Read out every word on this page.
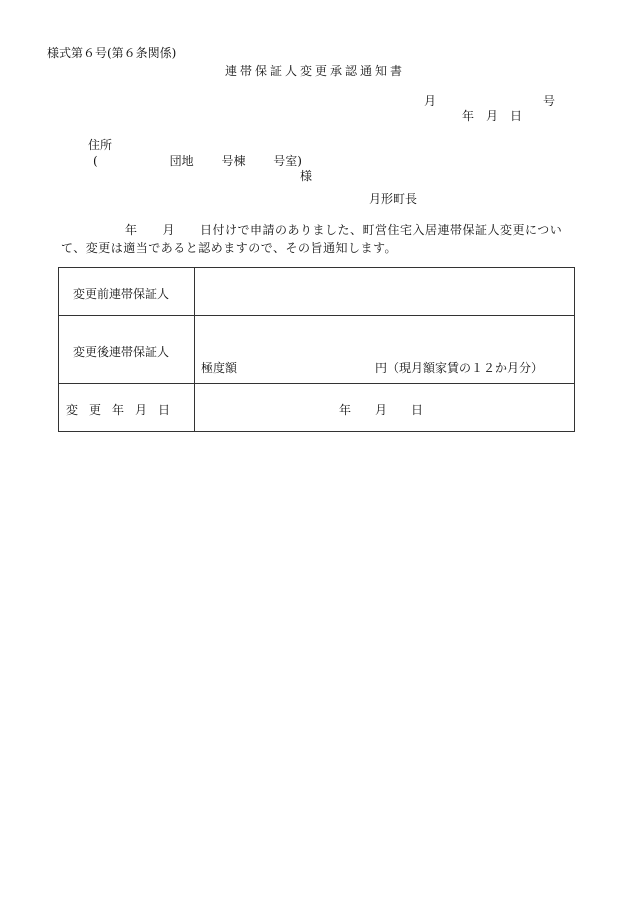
様式第６号(第６条関係)
連帯保証人変更承認通知書
月	号
年　月　日
住所
(　　　　　　団地　　 号棟　　 号室)
様
月形町長
年　　月　　日付けで申請のありました、町営住宅入居連帯保証人変更について、変更は適当であると認めますので、その旨通知します。
変更前連帯保証人	

変更後連帯保証人	極度額 円（現月額家賃の１２か月分）

変更年月日	年　　月　　日
